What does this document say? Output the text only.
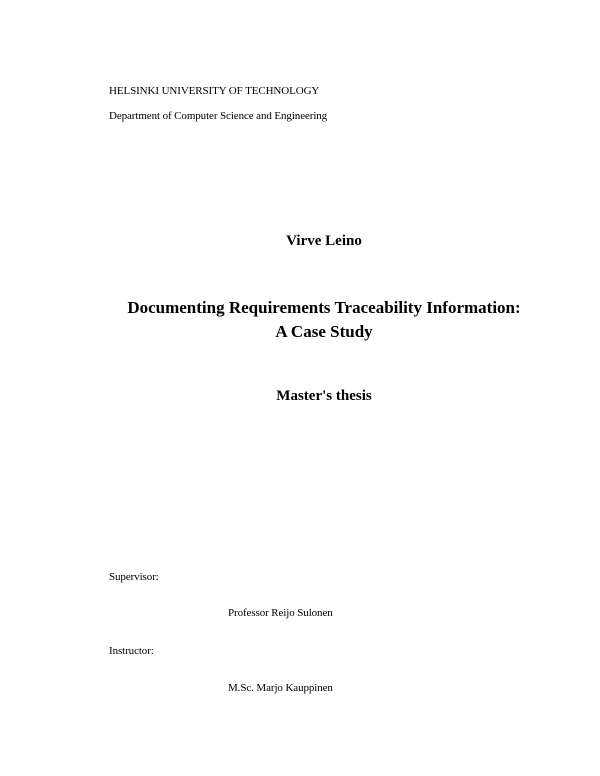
HELSINKI UNIVERSITY OF TECHNOLOGY
Department of Computer Science and Engineering
Virve Leino
Documenting Requirements Traceability Information:
A Case Study
Master's thesis
Supervisor:
Professor Reijo Sulonen
Instructor:
M.Sc. Marjo Kauppinen
